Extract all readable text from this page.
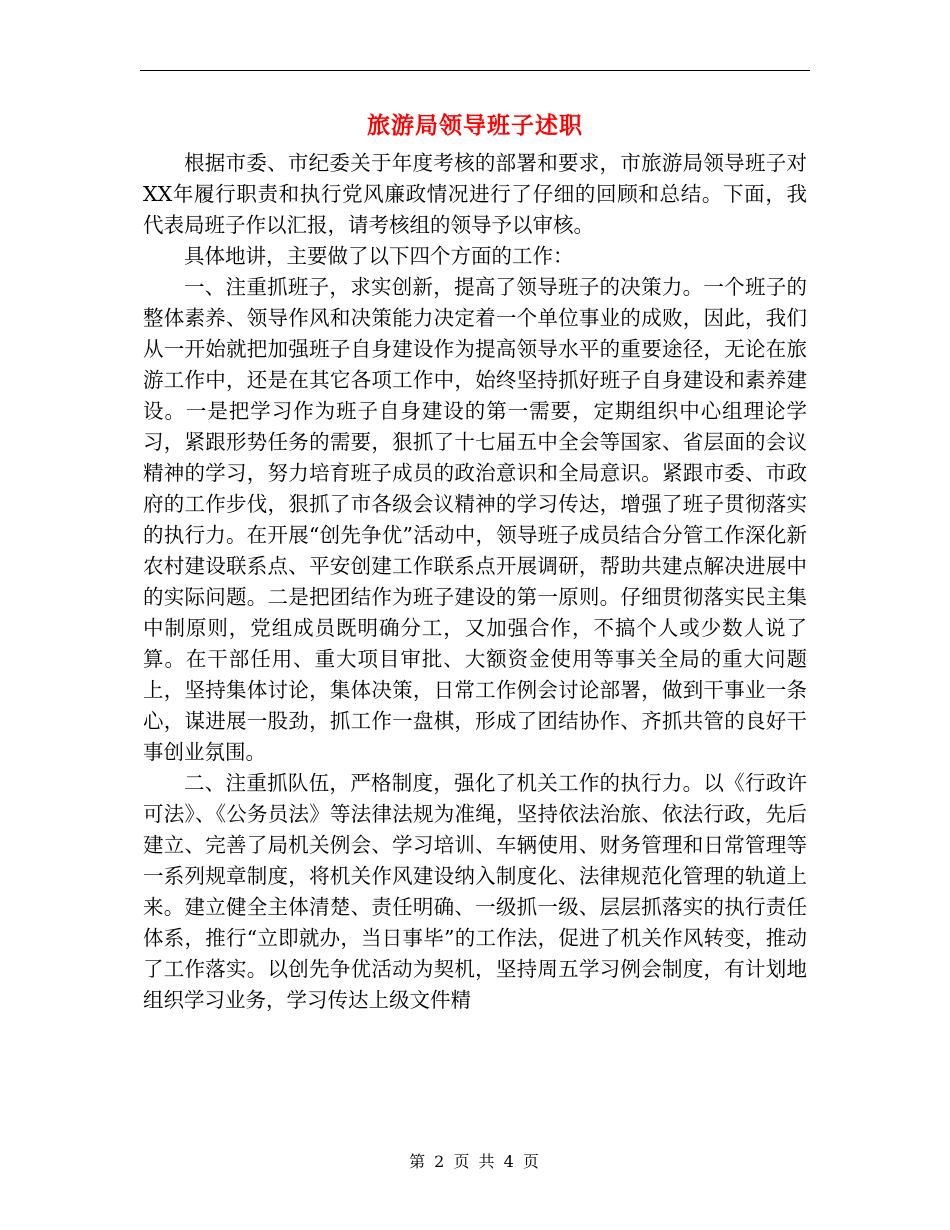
旅游局领导班子述职

根据市委、市纪委关于年度考核的部署和要求，市旅游局领导班子对XX年履行职责和执行党风廉政情况进行了仔细的回顾和总结。下面，我代表局班子作以汇报，请考核组的领导予以审核。

具体地讲，主要做了以下四个方面的工作：

一、注重抓班子，求实创新，提高了领导班子的决策力。一个班子的整体素养、领导作风和决策能力决定着一个单位事业的成败，因此，我们从一开始就把加强班子自身建设作为提高领导水平的重要途径，无论在旅游工作中，还是在其它各项工作中，始终坚持抓好班子自身建设和素养建设。一是把学习作为班子自身建设的第一需要，定期组织中心组理论学习，紧跟形势任务的需要，狠抓了十七届五中全会等国家、省层面的会议精神的学习，努力培育班子成员的政治意识和全局意识。紧跟市委、市政府的工作步伐，狠抓了市各级会议精神的学习传达，增强了班子贯彻落实的执行力。在开展“创先争优”活动中，领导班子成员结合分管工作深化新农村建设联系点、平安创建工作联系点开展调研，帮助共建点解决进展中的实际问题。二是把团结作为班子建设的第一原则。仔细贯彻落实民主集中制原则，党组成员既明确分工，又加强合作，不搞个人或少数人说了算。在干部任用、重大项目审批、大额资金使用等事关全局的重大问题上，坚持集体讨论，集体决策，日常工作例会讨论部署，做到干事业一条心，谋进展一股劲，抓工作一盘棋，形成了团结协作、齐抓共管的良好干事创业氛围。

二、注重抓队伍，严格制度，强化了机关工作的执行力。以《行政许可法》、《公务员法》等法律法规为准绳，坚持依法治旅、依法行政，先后建立、完善了局机关例会、学习培训、车辆使用、财务管理和日常管理等一系列规章制度，将机关作风建设纳入制度化、法律规范化管理的轨道上来。建立健全主体清楚、责任明确、一级抓一级、层层抓落实的执行责任体系，推行“立即就办，当日事毕”的工作法，促进了机关作风转变，推动了工作落实。以创先争优活动为契机，坚持周五学习例会制度，有计划地组织学习业务，学习传达上级文件精

第 2 页 共 4 页
